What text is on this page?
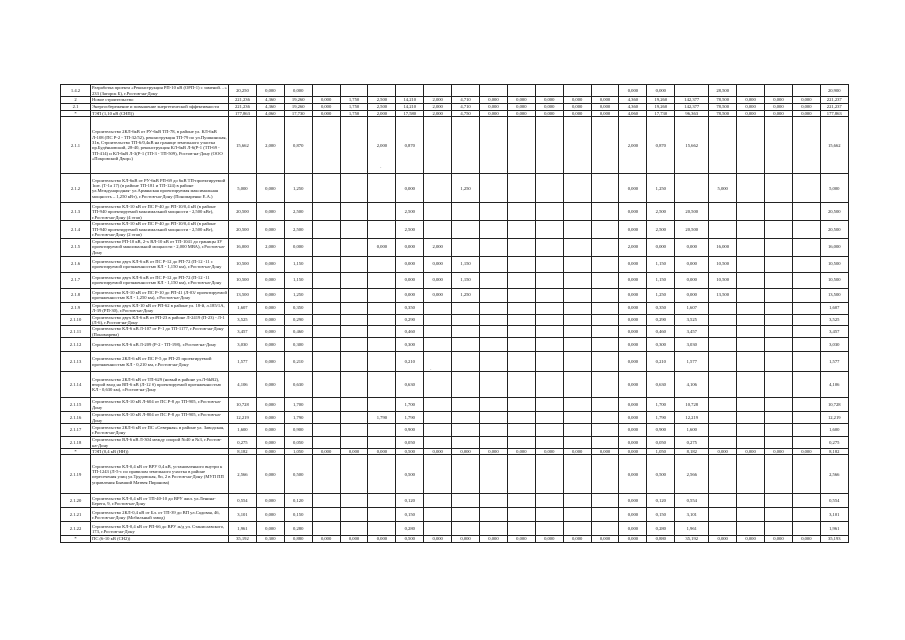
1.4.2	Разработка проекта «Реконструкция РП-10 кВ (ОРП-1) с заменой…» 233 (Загорск Б), г.Ростов-на-Дону	20,250	0,000	0,000												0,000	0,000		28,500				20,900
2	Новое строительство	221,236	4,360	19,260	0,000	1,750	2,500	14,210	2,000	4,710	0,000	0,000	0,000	0,000	0,000	4,360	19,260	142,377	78,500	0,000	0,000	0,000	221,237
2.1	Энергосбережение и повышение энергетической эффективности	221,236	4,360	19,260	0,000	1,750	2,500	14,210	2,000	4,710	0,000	0,000	0,000	0,000	0,000	4,360	19,260	142,377	78,500	0,000	0,000	0,000	221,237
*	ТЭП (1,10 кВ (СНП))	177,863	4,060	17,730	0,000	1,750	2,000	17,580	2,000	4,750	0,000	0,000	0,000	0,000	0,000	4,060	17,730	96,363	78,500	0,000	0,000	0,000	177,863
2.1.1	Строительство 2КЛ-6кВ от РУ-6кВ ТП-78, в районе ул. КЛ-6кВ Л-108 (ПС Р-2 - ТП-32/52), реконструкция ТП-79 по ул.Пушкинская, 31в, Строительство ТП-6/0,4кВ на границе земельного участка пр.Будённовский, 28-40, реконструкция КЛ-6кВ Л-6(Р-1 (ТП-69 - ТП-414) и КЛ-6кВ Л-3(Р-1 (ТП-3 - ТП-509), Ростов-на-Дону (ООО «Покровский Двор»)	15,662	2,000	0,870			2,000	0,870								2,000	0,870	15,662					15,662
2.1.2	Строительство КЛ-6кВ от РУ-6кВ РП-69 до 6кВ ТП-проектируемой 1шт. (Т-1а 17) (в районе ТП-181 и ТП-124) в районе ул.Международная- ул.Армянская проектируемая максимальная мощность – 1,250 кВт), г.Ростов-на-Дону (Пономаренко Е.А.)	5,000	0,000	1,250				0,000		1,250						0,000	1,250		5,000				5,000
2.1.3	Строительство КЛ-10 кВ от ПС Р-40 до РП-10/0,4 кВ (в районе ТП-940 проектируемой максимальной мощности - 2,500 кВт), г.Ростов-на-Дону (4 этап)	20,500	0,000	2,500				2,500								0,000	2,500	20,500					20,500
2.1.4	Строительство КЛ-10 кВ от ПС Р-40 до РП-10/0,4 кВ (в районе ТП-940 проектируемой максимальной мощности - 2,500 кВт), г.Ростов-на-Дону (2 этап)	20,500	0,000	2,500				2,500								0,000	2,500	20,500					20,500
2.1.5	Строительство РП-10 кВ, 2-х ВЛ-10 кВ от ТП-1041 до границы ЗУ проектируемой максимальной мощности - 2,000 МВА), г.Ростов-на-Дону	16,000	2,000	0,000			0,000	0,000	2,000							2,000	0,000	0,000	16,000				16,000
2.1.6	Строительство двух КЛ-6 кВ от ПС Р-12 до РП-72 (П-12 -11 с проектируемой протяженностью КЛ - 1,150 км), г.Ростов-на-Дону	10,500	0,000	1,150				0,000	0,000	1,150						0,000	1,150	0,000	10,500				10,500
2.1.7	Строительство двух КЛ-6 кВ от ПС Р-12 до РП-72 (П-12 -11 проектируемой протяженностью КЛ - 1,150 км), г.Ростов-на-Дону	10,500	0,000	1,150				0,000	0,000	1,150						0,000	1,150	0,000	10,500				10,500
2.1.8	Строительство КЛ-10 кВ от ПС Р-10 до РП-41 (Л-03/ проектируемой протяженностью КЛ - 1,250 км), г.Ростов-на-Дону	13,500	0,000	1,250				0,000	0,000	1,250						0,000	1,250	0,000	13,500				13,500
2.1.9	Строительство двух КЛ-10 кВ от РП-62 в районе ул. 18-й, л.185/1А, Л-39 (РП-30), г.Ростов-на-Дону	1,607	0,000	0,350				0,350								0,000	0,350	1,607					1,607
2.1.10	Строительство двух КЛ-6 кВ от РП-23 в районе Л-2419 (П-23) - Л-1 (Л-6), г.Ростов-на-Дону	3,525	0,000	0,290				0,290								0,000	0,290	3,525					3,525
2.1.11	Строительство КЛ-6 кВ Л-107 от Р-1 до ТП-1177, г.Ростов-на-Дону (Пономарева)	3,457	0,000	0,460				0,460								0,000	0,460	3,457					3,457
2.1.12	Строительство КЛ-6 кВ Л-209 (Р-2 - ТП-198), г.Ростов-на-Дону	3,030	0,000	0,300				0,300								0,000	0,300	3,030					3,030
2.1.13	Строительство 2КЛ-6 кВ от ПС Р-5 до РП-25 проектируемой протяженностью КЛ - 0,210 км, г.Ростов-на-Дону	1,577	0,000	0,210				0,210								0,000	0,210	1,577					1,577
2.1.14	Строительство 2КЛ-6 кВ от ТП-629 (новый в районе ул.Л-6kB2), второй вход на ВП-6 кВ (Л-12 б) проектируемой протяженностью КЛ - 0,630 км), г.Ростов-на-Дону	4,106	0,000	0,630				0,630								0,000	0,630	4,106					4,106
2.1.15	Строительство КЛ-10 кВ Л-604 от ПС Р-8 до ТП-905, г.Ростов-на-Дону	10,728	0,000	1,700				1,700								0,000	1,700	10,728					10,728
2.1.16	Строительство КЛ-10 кВ Л-804 от ПС Р-8 до ТП-905, г.Ростов-на-Дону	12,219	0,000	1,790			1,790	1,790								0,000	1,790	12,219					12,219
2.1.17	Строительство 2КЛ-6 кВ от ПС «Северная» в районе ул. Заводская, г.Ростов-на-Дону	1,600	0,000	0,900				0,900								0,000	0,900	1,600					1,600
2.1.18	Строительство ВЛ-6 кВ Л-304 между опорой №40 и №3, г.Ростов-на-Дону	0,275	0,000	0,050				0,050								0,000	0,050	0,275					0,275
*	ТЭП (0,4 кВ (НН))	8,182	0,000	1,050	0,000	0,000	0,000	0,500	0,000	0,000	0,000	0,000	0,000	0,000	0,000	0,000	1,050	8,182	0,000	0,000	0,000	0,000	8,182
2.1.19	Строительство КЛ-0,4 кВ от ВРУ 0,4 кВ, установленного внутри к ТП-1243 (Л-5-с по правилам земельного участка в районе пересечения улиц ул.Трудовская, 8п, 2 в Ростов-на-Дону (МУП ПП управления Бывший Матвея Пиранова)	2,566	0,000	0,500				0,500								0,000	0,500	2,566					2,566
2.1.20	Строительство КЛ-0,4 кВ от ТП-40-10 до ВРУ жил. ул.Ленина-Берега, 9, г.Ростов-на-Дону	0,554	0,000	0,120				0,120								0,000	0,120	0,554					0,554
2.1.21	Строительство 2КЛ-0,4 кВ от Бл. от ТП-39 до ВП ул.Садовая, 46, г.Ростов-на-Дону (Мобильный завод)	3,101	0,000	0,150				0,150								0,000	0,150	3,101					3,101
2.1.22	Строительство КЛ-0,4 кВ от РП-66 до ВРУ ж/д ул. Станиславского, 173, г.Ростов-на-Дону	1,961	0,000	0,280				0,280								0,000	0,280	1,961					1,961
*	ПС (6-10 кВ (СН2))	35,192	0,300	0,880	0,000	0,000	0,000	0,500	0,000	0,000	0,000	0,000	0,000	0,000	0,000	0,000	0,880	35,192	0,000	0,000	0,000	0,000	35,193
·
·
